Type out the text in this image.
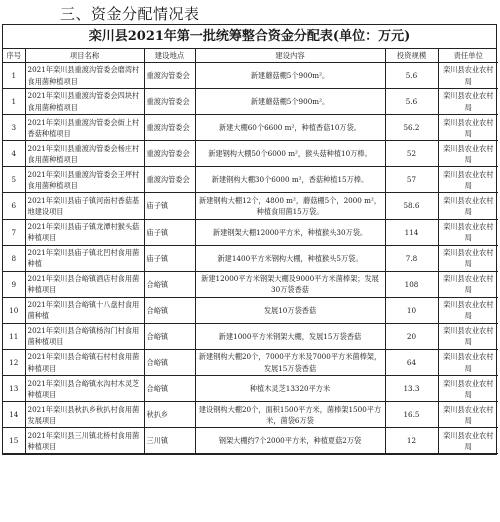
三、资金分配情况表
栾川县2021年第一批统筹整合资金分配表(单位：万元)
序号	项目名称	建设地点	建设内容	投资规模	责任单位
1	2021年栾川县重渡沟管委会磨湾村食用菌种植项目	重渡沟管委会	新建蘑菇棚5个900m²。	5.6	栾川县农业农村局
1	2021年栾川县重渡沟管委会四块村食用菌种植项目	重渡沟管委会	新建蘑菇棚5个900m²。	5.6	栾川县农业农村局
3	2021年栾川县重渡沟管委会街上村香菇种植项目	重渡沟管委会	新建大棚60个6600 m²，种植香菇10万袋。	56.2	栾川县农业农村局
4	2021年栾川县重渡沟管委会杨庄村食用菌种植项目	重渡沟管委会	新建钢构大棚50个6000 m²，猴头菇种植10万棒。	52	栾川县农业农村局
5	2021年栾川县重渡沟管委会王坪村食用菌种植项目	重渡沟管委会	新建钢构大棚30个6000 m²，香菇种植15万棒。	57	栾川县农业农村局
6	2021年栾川县庙子镇河南村香菇基地建设项目	庙子镇	新建钢构大棚12个，4800 m²，蘑菇棚5个，2000 m²，种植食用菌15万袋。	58.6	栾川县农业农村局
7	2021年栾川县庙子镇龙潭村猴头菇种植项目	庙子镇	新建钢架大棚12000平方米，种植猴头30万袋。	114	栾川县农业农村局
8	2021年栾川县庙子镇北凹村食用菌种植	庙子镇	新建1400平方米钢构大棚，种植猴头5万袋。	7.8	栾川县农业农村局
9	2021年栾川县合峪镇酒店村食用菌种植项目	合峪镇	新建12000平方米钢架大棚及9000平方米菌棒架；发展30万袋香菇	108	栾川县农业农村局
10	2021年栾川县合峪镇十八盘村食用菌种植	合峪镇	发展10万袋香菇	10	栾川县农业农村局
11	2021年栾川县合峪镇杨沟门村食用菌种植项目	合峪镇	新建1000平方米钢架大棚，发展15万袋香菇	20	栾川县农业农村局
12	2021年栾川县合峪镇石村村食用菌种植项目	合峪镇	新建钢构大棚20个，7000平方米及7000平方米菌棒架，发展15万袋香菇	64	栾川县农业农村局
13	2021年栾川县合峪镇水沟村木灵芝种植项目	合峪镇	种植木灵芝13320平方米	13.3	栾川县农业农村局
14	2021年栾川县秋扒乡秋扒村食用菌发展项目	秋扒乡	建设钢构大棚20个，面积1500平方米，菌棒架1500平方米，菌袋6万袋	16.5	栾川县农业农村局
15	2021年栾川县三川镇北桥村食用菌种植项目	三川镇	钢架大棚约7个2000平方米，种植夏菇2万袋	12	栾川县农业农村局
